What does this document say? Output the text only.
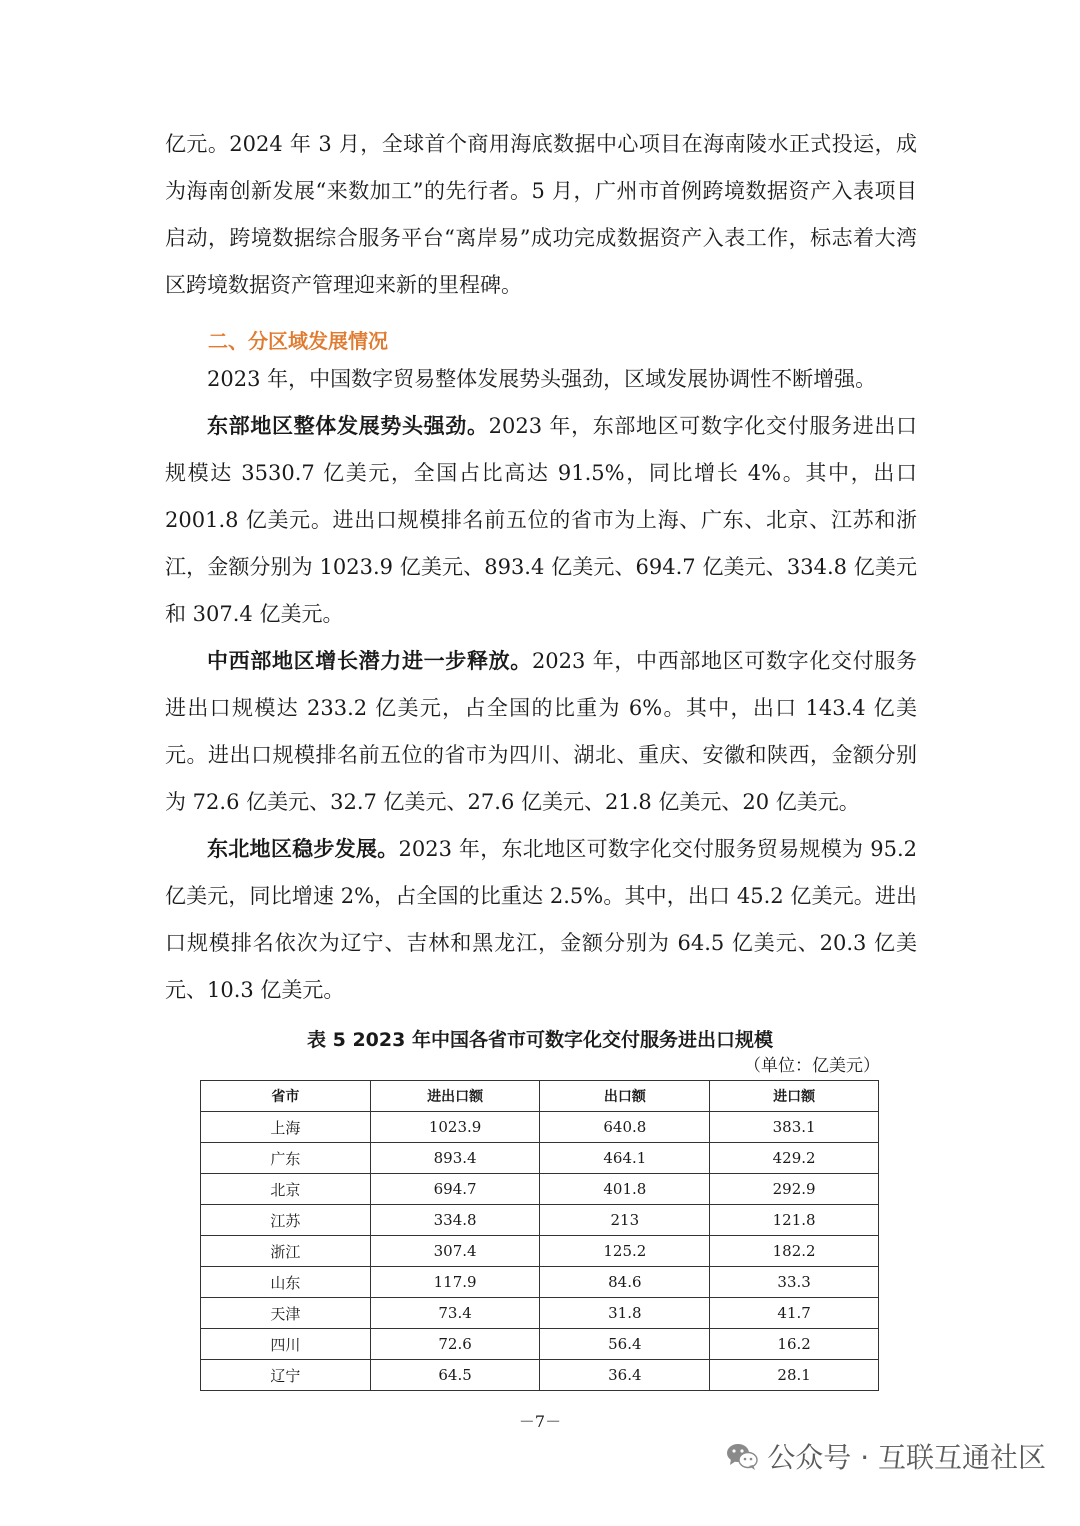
亿元。2024 年 3 月，全球首个商用海底数据中心项目在海南陵水正式投运，成为海南创新发展“来数加工”的先行者。5 月，广州市首例跨境数据资产入表项目启动，跨境数据综合服务平台“离岸易”成功完成数据资产入表工作，标志着大湾区跨境数据资产管理迎来新的里程碑。

二、分区域发展情况

2023 年，中国数字贸易整体发展势头强劲，区域发展协调性不断增强。

东部地区整体发展势头强劲。2023 年，东部地区可数字化交付服务进出口规模达 3530.7 亿美元，全国占比高达 91.5%，同比增长 4%。其中，出口 2001.8 亿美元。进出口规模排名前五位的省市为上海、广东、北京、江苏和浙江，金额分别为 1023.9 亿美元、893.4 亿美元、694.7 亿美元、334.8 亿美元和 307.4 亿美元。

中西部地区增长潜力进一步释放。2023 年，中西部地区可数字化交付服务进出口规模达 233.2 亿美元，占全国的比重为 6%。其中，出口 143.4 亿美元。进出口规模排名前五位的省市为四川、湖北、重庆、安徽和陕西，金额分别为 72.6 亿美元、32.7 亿美元、27.6 亿美元、21.8 亿美元、20 亿美元。

东北地区稳步发展。2023 年，东北地区可数字化交付服务贸易规模为 95.2 亿美元，同比增速 2%，占全国的比重达 2.5%。其中，出口 45.2 亿美元。进出口规模排名依次为辽宁、吉林和黑龙江，金额分别为 64.5 亿美元、20.3 亿美元、10.3 亿美元。

表 5 2023 年中国各省市可数字化交付服务进出口规模

（单位：亿美元）

省市	进出口额	出口额	进口额
上海	1023.9	640.8	383.1
广东	893.4	464.1	429.2
北京	694.7	401.8	292.9
江苏	334.8	213	121.8
浙江	307.4	125.2	182.2
山东	117.9	84.6	33.3
天津	73.4	31.8	41.7
四川	72.6	56.4	16.2
辽宁	64.5	36.4	28.1

－7－

公众号 · 互联互通社区
